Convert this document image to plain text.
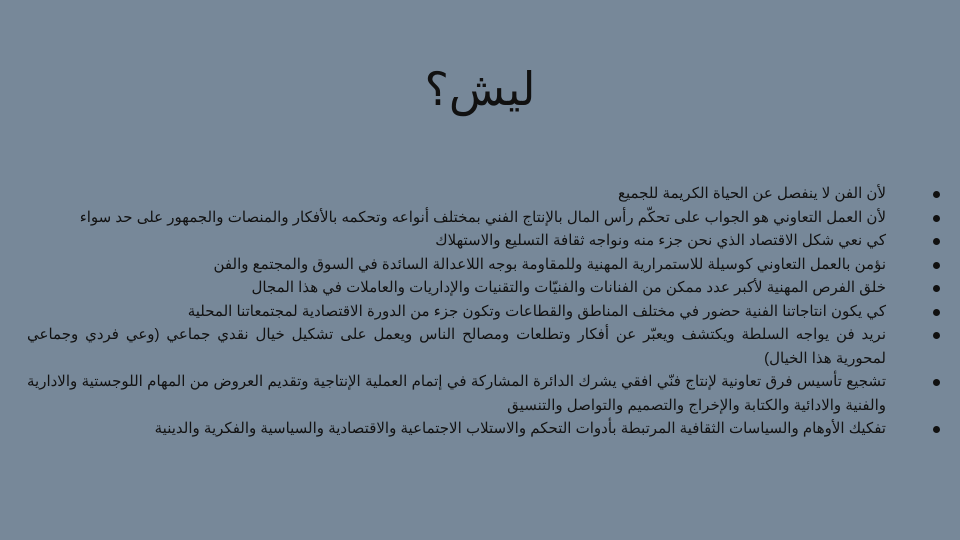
ليش؟
لأن الفن لا ينفصل عن الحياة الكريمة للجميع
لأن العمل التعاوني هو الجواب على تحكّم رأس المال بالإنتاج الفني بمختلف أنواعه وتحكمه بالأفكار والمنصات والجمهور على حد سواء
كي نعي شكل الاقتصاد الذي نحن جزء منه ونواجه ثقافة التسليع والاستهلاك
نؤمن بالعمل التعاوني كوسيلة للاستمرارية المهنية وللمقاومة بوجه اللاعدالة السائدة في السوق والمجتمع والفن
خلق الفرص المهنية لأكبر عدد ممكن من الفنانات والفنيّات والتقنيات والإداريات والعاملات في هذا المجال
كي يكون انتاجاتنا الفنية حضور في مختلف المناطق والقطاعات وتكون جزء من الدورة الاقتصادية لمجتمعاتنا المحلية
نريد فن يواجه السلطة ويكتشف ويعبّر عن أفكار وتطلعات ومصالح الناس ويعمل على تشكيل خيال نقدي جماعي (وعي فردي وجماعي لمحورية هذا الخيال)
تشجيع تأسيس فرق تعاونية لإنتاج فنّي افقي يشرك الدائرة المشاركة في إتمام العملية الإنتاجية وتقديم العروض من المهام اللوجستية والادارية والفنية والادائية والكتابة والإخراج والتصميم والتواصل والتنسيق
تفكيك الأوهام والسياسات الثقافية المرتبطة بأدوات التحكم والاستلاب الاجتماعية والاقتصادية والسياسية والفكرية والدينية
